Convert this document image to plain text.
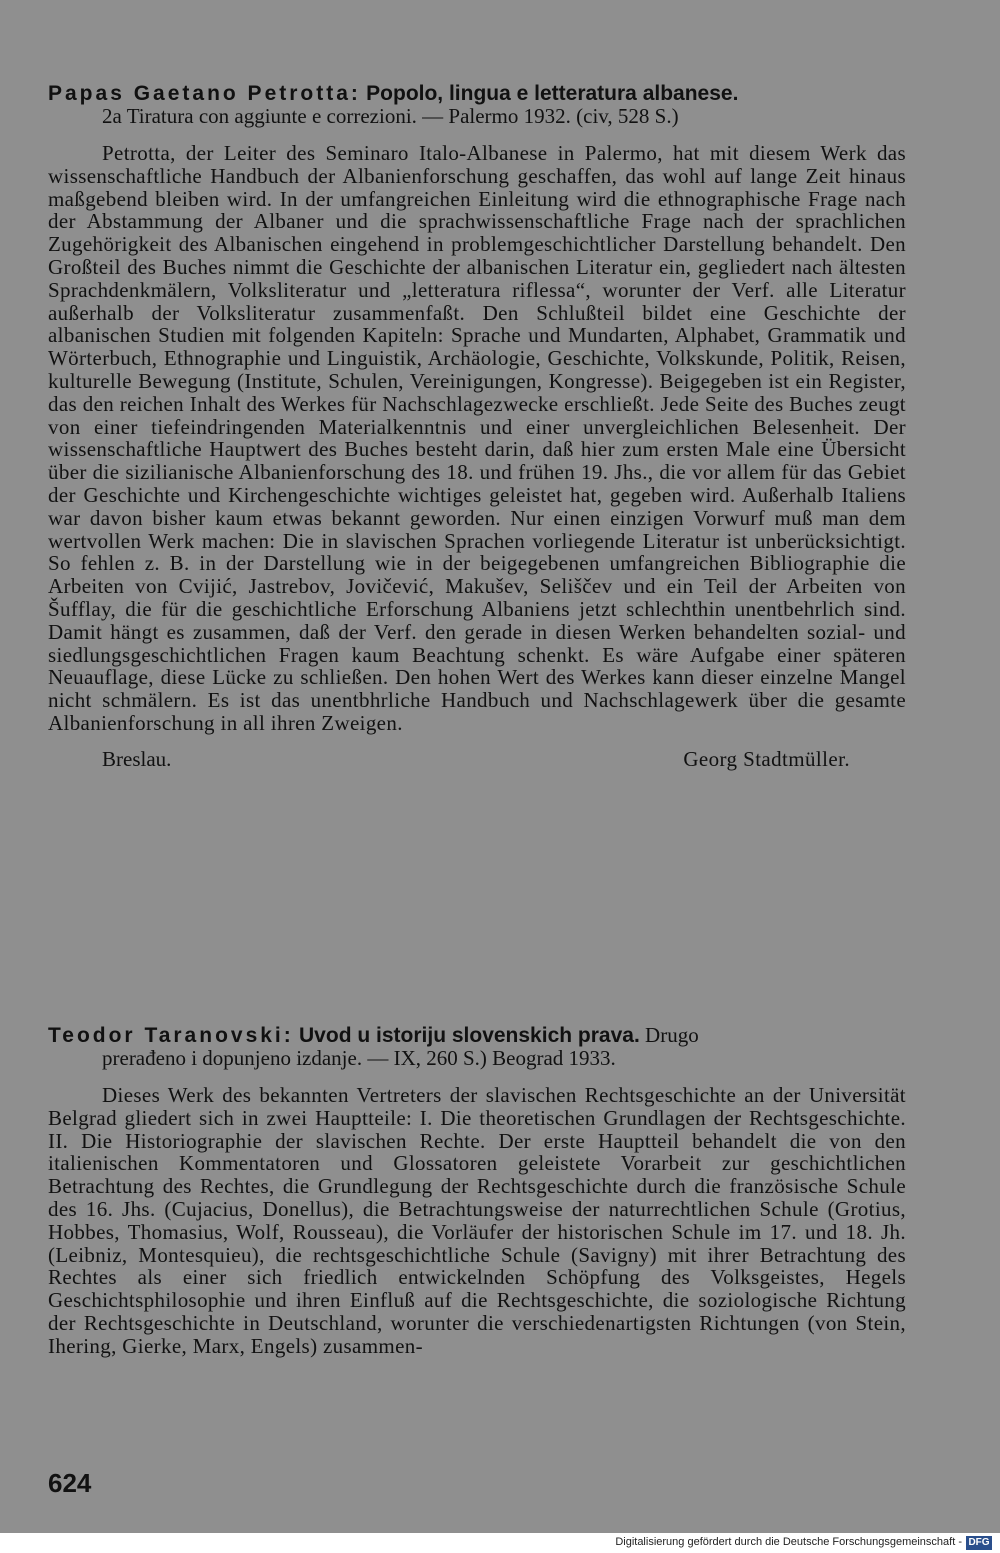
Papas Gaetano Petrotta: Popolo, lingua e letteratura albanese.
2a Tiratura con aggiunte e correzioni. — Palermo 1932. (civ, 528 S.)
Petrotta, der Leiter des Seminaro Italo-Albanese in Palermo, hat mit diesem Werk das wissenschaftliche Handbuch der Albanienforschung geschaffen, das wohl auf lange Zeit hinaus maßgebend bleiben wird. In der umfangreichen Einleitung wird die ethnographische Frage nach der Abstammung der Albaner und die sprachwissenschaftliche Frage nach der sprachlichen Zugehörigkeit des Albanischen eingehend in problemgeschichtlicher Darstellung behandelt. Den Großteil des Buches nimmt die Geschichte der albanischen Literatur ein, gegliedert nach ältesten Sprachdenkmälern, Volksliteratur und „letteratura riflessa“, worunter der Verf. alle Literatur außerhalb der Volksliteratur zusammenfaßt. Den Schlußteil bildet eine Geschichte der albanischen Studien mit folgenden Kapiteln: Sprache und Mundarten, Alphabet, Grammatik und Wörterbuch, Ethnographie und Linguistik, Archäologie, Geschichte, Volkskunde, Politik, Reisen, kulturelle Bewegung (Institute, Schulen, Vereinigungen, Kongresse). Beigegeben ist ein Register, das den reichen Inhalt des Werkes für Nachschlagezwecke erschließt. Jede Seite des Buches zeugt von einer tiefeindringenden Materialkenntnis und einer unvergleichlichen Belesenheit. Der wissenschaftliche Hauptwert des Buches besteht darin, daß hier zum ersten Male eine Übersicht über die sizilianische Albanienforschung des 18. und frühen 19. Jhs., die vor allem für das Gebiet der Geschichte und Kirchengeschichte wichtiges geleistet hat, gegeben wird. Außerhalb Italiens war davon bisher kaum etwas bekannt geworden. Nur einen einzigen Vorwurf muß man dem wertvollen Werk machen: Die in slavischen Sprachen vorliegende Literatur ist unberücksichtigt. So fehlen z. B. in der Darstellung wie in der beigegebenen umfangreichen Bibliographie die Arbeiten von Cvijić, Jastrebov, Jovičević, Makušev, Seliščev und ein Teil der Arbeiten von Šufflay, die für die geschichtliche Erforschung Albaniens jetzt schlechthin unentbehrlich sind. Damit hängt es zusammen, daß der Verf. den gerade in diesen Werken behandelten sozial- und siedlungsgeschichtlichen Fragen kaum Beachtung schenkt. Es wäre Aufgabe einer späteren Neuauflage, diese Lücke zu schließen. Den hohen Wert des Werkes kann dieser einzelne Mangel nicht schmälern. Es ist das unentbhrliche Handbuch und Nachschlagewerk über die gesamte Albanienforschung in all ihren Zweigen.
Breslau.	Georg Stadtmüller.
Teodor Taranovski: Uvod u istoriju slovenskich prava. Drugo
prerađeno i dopunjeno izdanje. — IX, 260 S.) Beograd 1933.
Dieses Werk des bekannten Vertreters der slavischen Rechtsgeschichte an der Universität Belgrad gliedert sich in zwei Hauptteile: I. Die theoretischen Grundlagen der Rechtsgeschichte. II. Die Historiographie der slavischen Rechte. Der erste Hauptteil behandelt die von den italienischen Kommentatoren und Glossatoren geleistete Vorarbeit zur geschichtlichen Betrachtung des Rechtes, die Grundlegung der Rechtsgeschichte durch die französische Schule des 16. Jhs. (Cujacius, Donellus), die Betrachtungsweise der naturrechtlichen Schule (Grotius, Hobbes, Thomasius, Wolf, Rousseau), die Vorläufer der historischen Schule im 17. und 18. Jh. (Leibniz, Montesquieu), die rechtsgeschichtliche Schule (Savigny) mit ihrer Betrachtung des Rechtes als einer sich friedlich entwickelnden Schöpfung des Volksgeistes, Hegels Geschichtsphilosophie und ihren Einfluß auf die Rechtsgeschichte, die soziologische Richtung der Rechtsgeschichte in Deutschland, worunter die verschiedenartigsten Richtungen (von Stein, Ihering, Gierke, Marx, Engels) zusammen-
624
Digitalisierung gefördert durch die Deutsche Forschungsgemeinschaft - DFG
